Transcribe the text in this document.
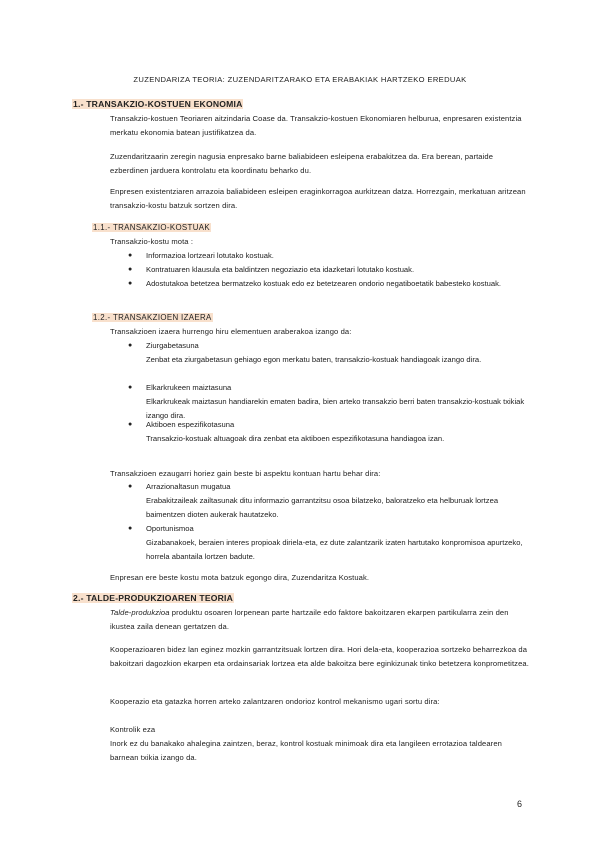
ZUZENDARIZA TEORIA: ZUZENDARITZARAKO ETA ERABAKIAK HARTZEKO EREDUAK
1.- TRANSAKZIO-KOSTUEN EKONOMIA

Transakzio-kostuen Teoriaren aitzindaria Coase da. Transakzio-kostuen Ekonomiaren helburua, enpresaren existentzia merkatu ekonomia batean justifikatzea da.

Zuzendaritzaarin zeregin nagusia enpresako barne baliabideen esleipena erabakitzea da. Era berean, partaide ezberdinen jarduera kontrolatu eta koordinatu beharko du.

Enpresen existentziaren arrazoia baliabideen esleipen eraginkorragoa aurkitzean datza. Horrezgain, merkatuan aritzean transakzio-kostu batzuk sortzen dira.

1.1.- TRANSAKZIO-KOSTUAK

Transakzio-kostu mota :

● Informazioa lortzeari lotutako kostuak.
● Kontratuaren klausula eta baldintzen negoziazio eta idazketari lotutako kostuak.
● Adostutakoa betetzea bermatzeko kostuak edo ez betetzearen ondorio negatiboetatik babesteko kostuak.
1.2.- TRANSAKZIOEN IZAERA

Transakzioen izaera hurrengo hiru elementuen araberakoa izango da:

● Ziurgabetasuna
Zenbat eta ziurgabetasun gehiago egon merkatu baten, transakzio-kostuak handiagoak izango dira.
● Elkarkrukeen maiztasuna
Elkarkrukeak maiztasun handiarekin ematen badira, bien arteko transakzio berri baten transakzio-kostuak txikiak izango dira.
● Aktiboen espezifikotasuna
Transakzio-kostuak altuagoak dira zenbat eta aktiboen espezifikotasuna handiagoa izan.

Transakzioen ezaugarri horiez gain beste bi aspektu kontuan hartu behar dira:

● Arrazionaltasun mugatua
Erabakitzaileak zailtasunak ditu informazio garrantzitsu osoa bilatzeko, baloratzeko eta helburuak lortzea baimentzen dioten aukerak hautatzeko.
● Oportunismoa
Gizabanakoek, beraien interes propioak diriela-eta, ez dute zalantzarik izaten hartutako konpromisoa apurtzeko, horrela abantaila lortzen badute.

Enpresan ere beste kostu mota batzuk egongo dira, Zuzendaritza Kostuak.

2.- TALDE-PRODUKZIOAREN TEORIA

Talde-produkzioa produktu osoaren lorpenean parte hartzaile edo faktore bakoitzaren ekarpen partikularra zein den ikustea zaila denean gertatzen da.

Kooperazioaren bidez lan eginez mozkin garrantzitsuak lortzen dira. Hori dela-eta, kooperazioa sortzeko beharrezkoa da bakoitzari dagozkion ekarpen eta ordainsariak lortzea eta alde bakoitza bere eginkizunak tinko betetzera konprometitzea.

Kooperazio eta gatazka horren arteko zalantzaren ondorioz kontrol mekanismo ugari sortu dira:

Kontrolik eza

Inork ez du banakako ahalegina zaintzen, beraz, kontrol kostuak minimoak dira eta langileen errotazioa taldearen barnean txikia izango da.

6
